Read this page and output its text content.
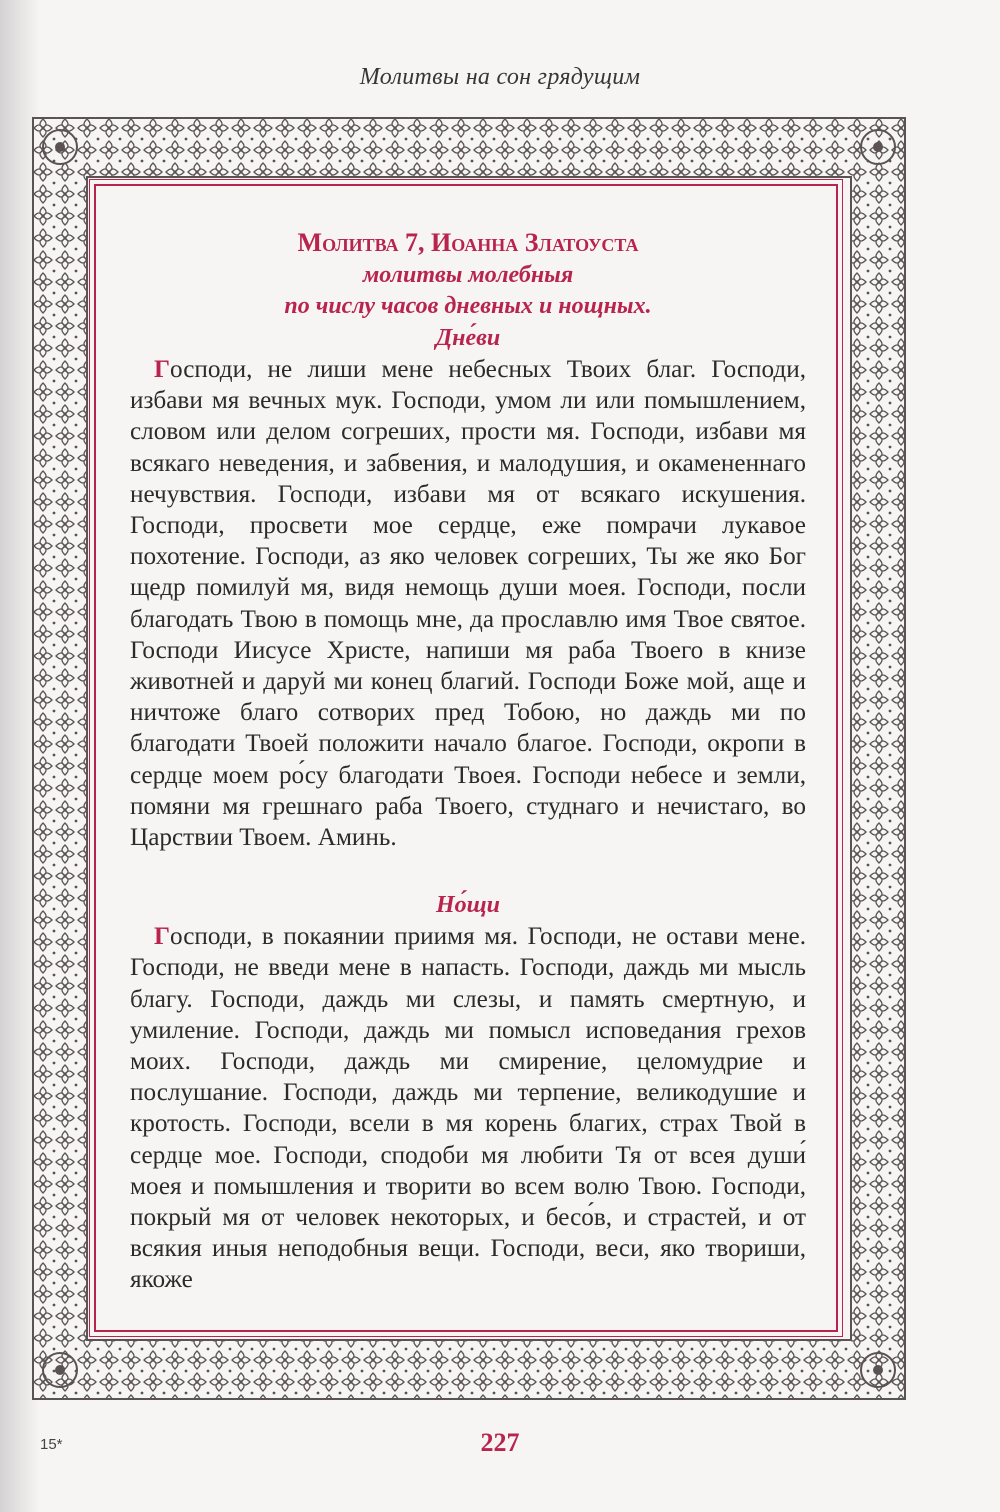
Молитвы на сон грядущим

Молитва 7, Иоанна Златоуста

молитвы молебныя

по числу часов дневных и нощных.

Дне́ви

Господи, не лиши мене небесных Твоих благ. Господи, избави мя вечных мук. Господи, умом ли или помышлением, словом или делом согреших, прости мя. Господи, избави мя всякаго неведения, и забвения, и малодушия, и окамененнаго нечувствия. Господи, избави мя от всякаго искушения. Господи, просвети мое сердце, еже помрачи лукавое похотение. Господи, аз яко человек согреших, Ты же яко Бог щедр помилуй мя, видя немощь души моея. Господи, посли благодать Твою в помощь мне, да прославлю имя Твое святое. Господи Иисусе Христе, напиши мя раба Твоего в книзе животней и даруй ми конец благий. Господи Боже мой, аще и ничтоже благо сотворих пред Тобою, но даждь ми по благодати Твоей положити начало благое. Господи, окропи в сердце моем ро́су благодати Твоея. Господи небесе и земли, помяни мя грешнаго раба Твоего, студнаго и нечистаго, во Царствии Твоем. Аминь.

Но́щи

Господи, в покаянии приимя мя. Господи, не остави мене. Господи, не введи мене в напасть. Господи, даждь ми мысль благу. Господи, даждь ми слезы, и память смертную, и умиление. Господи, даждь ми помысл исповедания грехов моих. Господи, даждь ми смирение, целомудрие и послушание. Господи, даждь ми терпение, великодушие и кротость. Господи, всели в мя корень благих, страх Твой в сердце мое. Господи, сподоби мя любити Тя от всея души́ моея и помышления и творити во всем волю Твою. Господи, покрый мя от человек некоторых, и бесо́в, и страстей, и от всякия иныя неподобныя вещи. Господи, веси, яко твориши, якоже

227
15*
